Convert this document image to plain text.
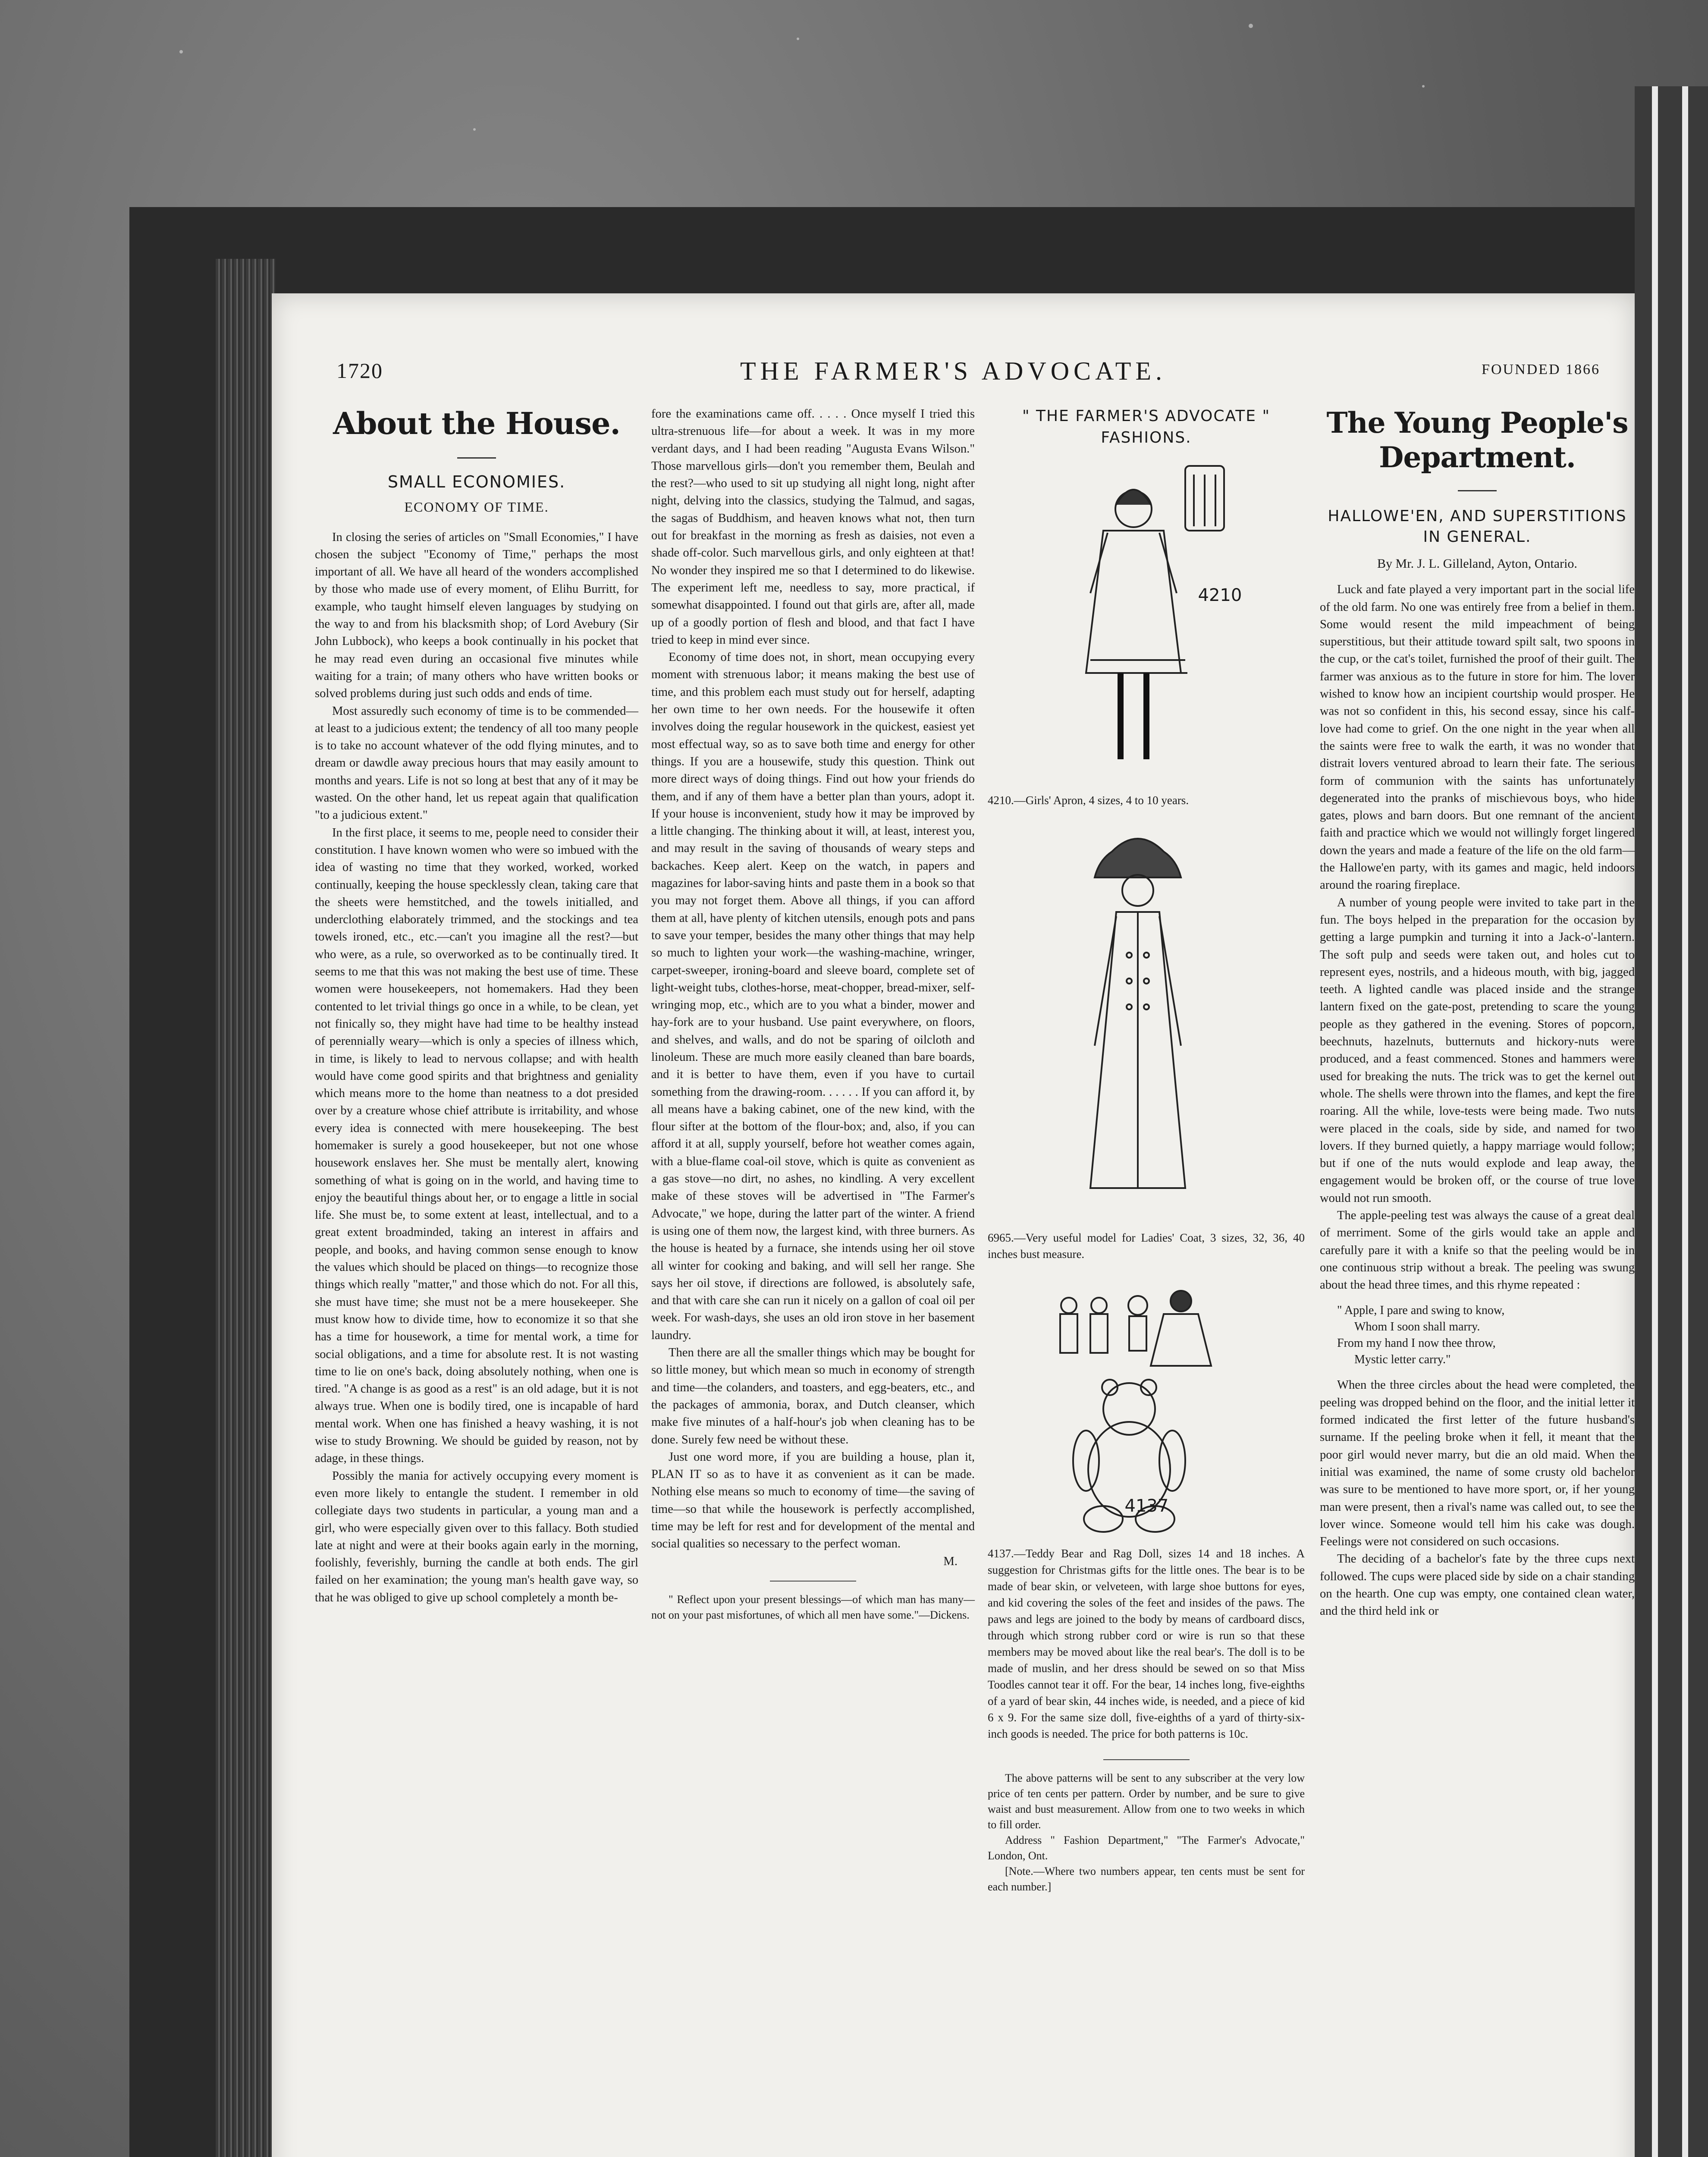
1720	THE FARMER'S ADVOCATE.	FOUNDED 1866
About the House.
SMALL ECONOMIES.
ECONOMY OF TIME.

In closing the series of articles on "Small Economies," I have chosen the subject "Economy of Time," perhaps the most important of all. We have all heard of the wonders accomplished by those who made use of every moment, of Elihu Burritt, for example, who taught himself eleven languages by studying on the way to and from his blacksmith shop; of Lord Avebury (Sir John Lubbock), who keeps a book continually in his pocket that he may read even during an occasional five minutes while waiting for a train; of many others who have written books or solved problems during just such odds and ends of time.

Most assuredly such economy of time is to be commended—at least to a judicious extent; the tendency of all too many people is to take no account whatever of the odd flying minutes, and to dream or dawdle away precious hours that may easily amount to months and years. Life is not so long at best that any of it may be wasted. On the other hand, let us repeat again that qualification "to a judicious extent."

In the first place, it seems to me, people need to consider their constitution. I have known women who were so imbued with the idea of wasting no time that they worked, worked, worked continually, keeping the house specklessly clean, taking care that the sheets were hemstitched, and the towels initialled, and underclothing elaborately trimmed, and the stockings and tea towels ironed, etc., etc.—can't you imagine all the rest?—but who were, as a rule, so overworked as to be continually tired. It seems to me that this was not making the best use of time. These women were housekeepers, not homemakers. Had they been contented to let trivial things go once in a while, to be clean, yet not finically so, they might have had time to be healthy instead of perennially weary—which is only a species of illness which, in time, is likely to lead to nervous collapse; and with health would have come good spirits and that brightness and geniality which means more to the home than neatness to a dot presided over by a creature whose chief attribute is irritability, and whose every idea is connected with mere housekeeping. The best homemaker is surely a good housekeeper, but not one whose housework enslaves her. She must be mentally alert, knowing something of what is going on in the world, and having time to enjoy the beautiful things about her, or to engage a little in social life. She must be, to some extent at least, intellectual, and to a great extent broadminded, taking an interest in affairs and people, and books, and having common sense enough to know the values which should be placed on things—to recognize those things which really "matter," and those which do not. For all this, she must have time; she must not be a mere housekeeper. She must know how to divide time, how to economize it so that she has a time for housework, a time for mental work, a time for social obligations, and a time for absolute rest. It is not wasting time to lie on one's back, doing absolutely nothing, when one is tired. "A change is as good as a rest" is an old adage, but it is not always true. When one is bodily tired, one is incapable of hard mental work. When one has finished a heavy washing, it is not wise to study Browning. We should be guided by reason, not by adage, in these things.

Possibly the mania for actively occupying every moment is even more likely to entangle the student. I remember in old collegiate days two students in particular, a young man and a girl, who were especially given over to this fallacy. Both studied late at night and were at their books again early in the morning, foolishly, feverishly, burning the candle at both ends. The girl failed on her examination; the young man's health gave way, so that he was obliged to give up school completely a month be-

fore the examinations came off. . . . . Once myself I tried this ultra-strenuous life—for about a week. It was in my more verdant days, and I had been reading "Augusta Evans Wilson." Those marvellous girls—don't you remember them, Beulah and the rest?—who used to sit up studying all night long, night after night, delving into the classics, studying the Talmud, and sagas, the sagas of Buddhism, and heaven knows what not, then turn out for breakfast in the morning as fresh as daisies, not even a shade off-color. Such marvellous girls, and only eighteen at that! No wonder they inspired me so that I determined to do likewise. The experiment left me, needless to say, more practical, if somewhat disappointed. I found out that girls are, after all, made up of a goodly portion of flesh and blood, and that fact I have tried to keep in mind ever since.

Economy of time does not, in short, mean occupying every moment with strenuous labor; it means making the best use of time, and this problem each must study out for herself, adapting her own time to her own needs. For the housewife it often involves doing the regular housework in the quickest, easiest yet most effectual way, so as to save both time and energy for other things. If you are a housewife, study this question. Think out more direct ways of doing things. Find out how your friends do them, and if any of them have a better plan than yours, adopt it. If your house is inconvenient, study how it may be improved by a little changing. The thinking about it will, at least, interest you, and may result in the saving of thousands of weary steps and backaches. Keep alert. Keep on the watch, in papers and magazines for labor-saving hints and paste them in a book so that you may not forget them. Above all things, if you can afford them at all, have plenty of kitchen utensils, enough pots and pans to save your temper, besides the many other things that may help so much to lighten your work—the washing-machine, wringer, carpet-sweeper, ironing-board and sleeve board, complete set of light-weight tubs, clothes-horse, meat-chopper, bread-mixer, self-wringing mop, etc., which are to you what a binder, mower and hay-fork are to your husband. Use paint everywhere, on floors, and shelves, and walls, and do not be sparing of oilcloth and linoleum. These are much more easily cleaned than bare boards, and it is better to have them, even if you have to curtail something from the drawing-room. . . . . . If you can afford it, by all means have a baking cabinet, one of the new kind, with the flour sifter at the bottom of the flour-box; and, also, if you can afford it at all, supply yourself, before hot weather comes again, with a blue-flame coal-oil stove, which is quite as convenient as a gas stove—no dirt, no ashes, no kindling. A very excellent make of these stoves will be advertised in "The Farmer's Advocate," we hope, during the latter part of the winter. A friend is using one of them now, the largest kind, with three burners. As the house is heated by a furnace, she intends using her oil stove all winter for cooking and baking, and will sell her range. She says her oil stove, if directions are followed, is absolutely safe, and that with care she can run it nicely on a gallon of coal oil per week. For wash-days, she uses an old iron stove in her basement laundry.

Then there are all the smaller things which may be bought for so little money, but which mean so much in economy of strength and time—the colanders, and toasters, and egg-beaters, etc., and the packages of ammonia, borax, and Dutch cleanser, which make five minutes of a half-hour's job when cleaning has to be done. Surely few need be without these.

Just one word more, if you are building a house, plan it, PLAN IT so as to have it as convenient as it can be made. Nothing else means so much to economy of time—the saving of time—so that while the housework is perfectly accomplished, time may be left for rest and for development of the mental and social qualities so necessary to the perfect woman.

M.

" Reflect upon your present blessings—of which man has many—not on your past misfortunes, of which all men have some."—Dickens.

" THE FARMER'S ADVOCATE "
FASHIONS.
4210
4210.—Girls' Apron, 4 sizes, 4 to 10 years.
6965.—Very useful model for Ladies' Coat, 3 sizes, 32, 36, 40 inches bust measure.
4137
4137.—Teddy Bear and Rag Doll, sizes 14 and 18 inches. A suggestion for Christmas gifts for the little ones. The bear is to be made of bear skin, or velveteen, with large shoe buttons for eyes, and kid covering the soles of the feet and insides of the paws. The paws and legs are joined to the body by means of cardboard discs, through which strong rubber cord or wire is run so that these members may be moved about like the real bear's. The doll is to be made of muslin, and her dress should be sewed on so that Miss Toodles cannot tear it off. For the bear, 14 inches long, five-eighths of a yard of bear skin, 44 inches wide, is needed, and a piece of kid 6 x 9. For the same size doll, five-eighths of a yard of thirty-six-inch goods is needed. The price for both patterns is 10c.

The above patterns will be sent to any subscriber at the very low price of ten cents per pattern. Order by number, and be sure to give waist and bust measurement. Allow from one to two weeks in which to fill order.

Address " Fashion Department," "The Farmer's Advocate," London, Ont.

[Note.—Where two numbers appear, ten cents must be sent for each number.]

The Young People's Department.
HALLOWE'EN, AND SUPERSTITIONS IN GENERAL.
By Mr. J. L. Gilleland, Ayton, Ontario.

Luck and fate played a very important part in the social life of the old farm. No one was entirely free from a belief in them. Some would resent the mild impeachment of being superstitious, but their attitude toward spilt salt, two spoons in the cup, or the cat's toilet, furnished the proof of their guilt. The farmer was anxious as to the future in store for him. The lover wished to know how an incipient courtship would prosper. He was not so confident in this, his second essay, since his calf-love had come to grief. On the one night in the year when all the saints were free to walk the earth, it was no wonder that distrait lovers ventured abroad to learn their fate. The serious form of communion with the saints has unfortunately degenerated into the pranks of mischievous boys, who hide gates, plows and barn doors. But one remnant of the ancient faith and practice which we would not willingly forget lingered down the years and made a feature of the life on the old farm—the Hallowe'en party, with its games and magic, held indoors around the roaring fireplace.

A number of young people were invited to take part in the fun. The boys helped in the preparation for the occasion by getting a large pumpkin and turning it into a Jack-o'-lantern. The soft pulp and seeds were taken out, and holes cut to represent eyes, nostrils, and a hideous mouth, with big, jagged teeth. A lighted candle was placed inside and the strange lantern fixed on the gate-post, pretending to scare the young people as they gathered in the evening. Stores of popcorn, beechnuts, hazelnuts, butternuts and hickory-nuts were produced, and a feast commenced. Stones and hammers were used for breaking the nuts. The trick was to get the kernel out whole. The shells were thrown into the flames, and kept the fire roaring. All the while, love-tests were being made. Two nuts were placed in the coals, side by side, and named for two lovers. If they burned quietly, a happy marriage would follow; but if one of the nuts would explode and leap away, the engagement would be broken off, or the course of true love would not run smooth.

The apple-peeling test was always the cause of a great deal of merriment. Some of the girls would take an apple and carefully pare it with a knife so that the peeling would be in one continuous strip without a break. The peeling was swung about the head three times, and this rhyme repeated :

" Apple, I pare and swing to know,
Whom I soon shall marry.
From my hand I now thee throw,
Mystic letter carry."

When the three circles about the head were completed, the peeling was dropped behind on the floor, and the initial letter it formed indicated the first letter of the future husband's surname. If the peeling broke when it fell, it meant that the poor girl would never marry, but die an old maid. When the initial was examined, the name of some crusty old bachelor was sure to be mentioned to have more sport, or, if her young man were present, then a rival's name was called out, to see the lover wince. Someone would tell him his cake was dough. Feelings were not considered on such occasions.

The deciding of a bachelor's fate by the three cups next followed. The cups were placed side by side on a chair standing on the hearth. One cup was empty, one contained clean water, and the third held ink or
